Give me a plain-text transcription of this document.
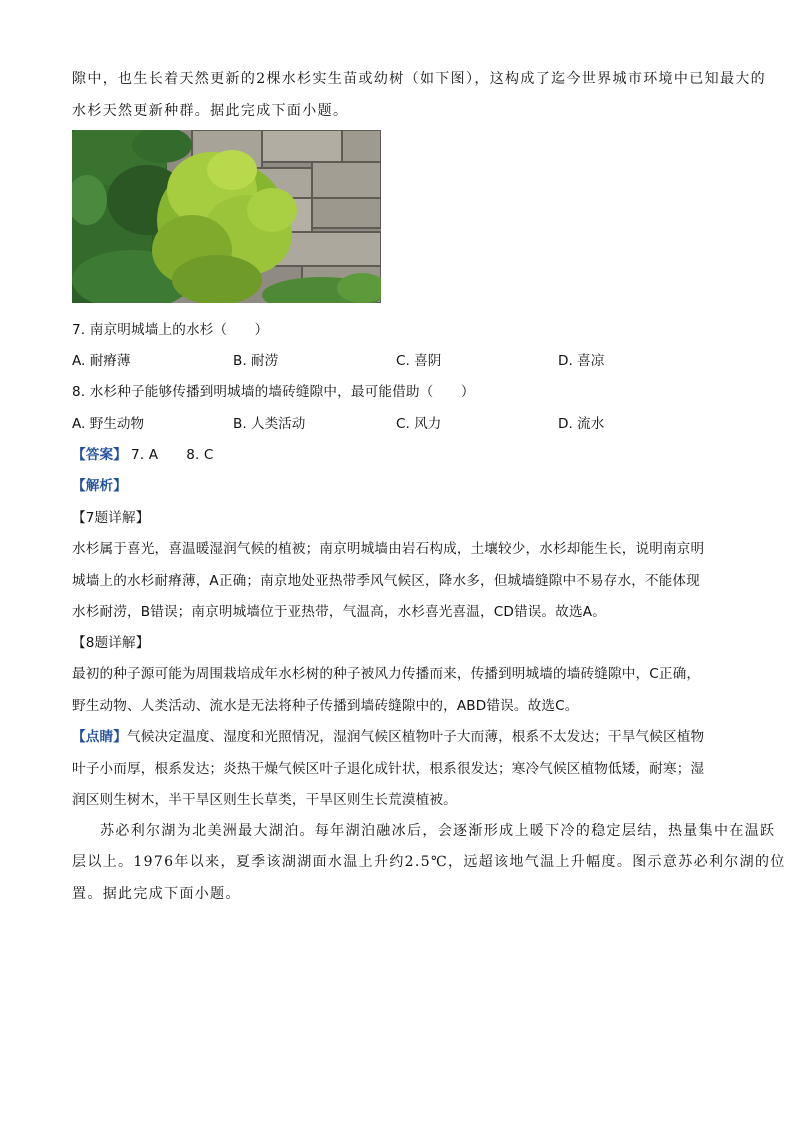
隙中，也生长着天然更新的2棵水杉实生苗或幼树（如下图），这构成了迄今世界城市环境中已知最大的
水杉天然更新种群。据此完成下面小题。
7. 南京明城墙上的水杉（　　）
A. 耐瘠薄	B. 耐涝	C. 喜阴	D. 喜凉
8. 水杉种子能够传播到明城墙的墙砖缝隙中，最可能借助（　　）
A. 野生动物	B. 人类活动	C. 风力	D. 流水
【答案】 7. A 8. C
【解析】
【7题详解】
水杉属于喜光，喜温暖湿润气候的植被；南京明城墙由岩石构成，土壤较少，水杉却能生长，说明南京明
城墙上的水杉耐瘠薄，A正确；南京地处亚热带季风气候区，降水多，但城墙缝隙中不易存水，不能体现
水杉耐涝，B错误；南京明城墙位于亚热带，气温高，水杉喜光喜温，CD错误。故选A。
【8题详解】
最初的种子源可能为周围栽培成年水杉树的种子被风力传播而来，传播到明城墙的墙砖缝隙中，C正确，
野生动物、人类活动、流水是无法将种子传播到墙砖缝隙中的，ABD错误。故选C。
【点睛】气候决定温度、湿度和光照情况，湿润气候区植物叶子大而薄，根系不太发达；干旱气候区植物
叶子小而厚，根系发达；炎热干燥气候区叶子退化成针状，根系很发达；寒冷气候区植物低矮，耐寒；湿
润区则生树木，半干旱区则生长草类，干旱区则生长荒漠植被。
苏必利尔湖为北美洲最大湖泊。每年湖泊融冰后，会逐渐形成上暖下冷的稳定层结，热量集中在温跃
层以上。1976年以来，夏季该湖湖面水温上升约2.5℃，远超该地气温上升幅度。图示意苏必利尔湖的位
置。据此完成下面小题。
